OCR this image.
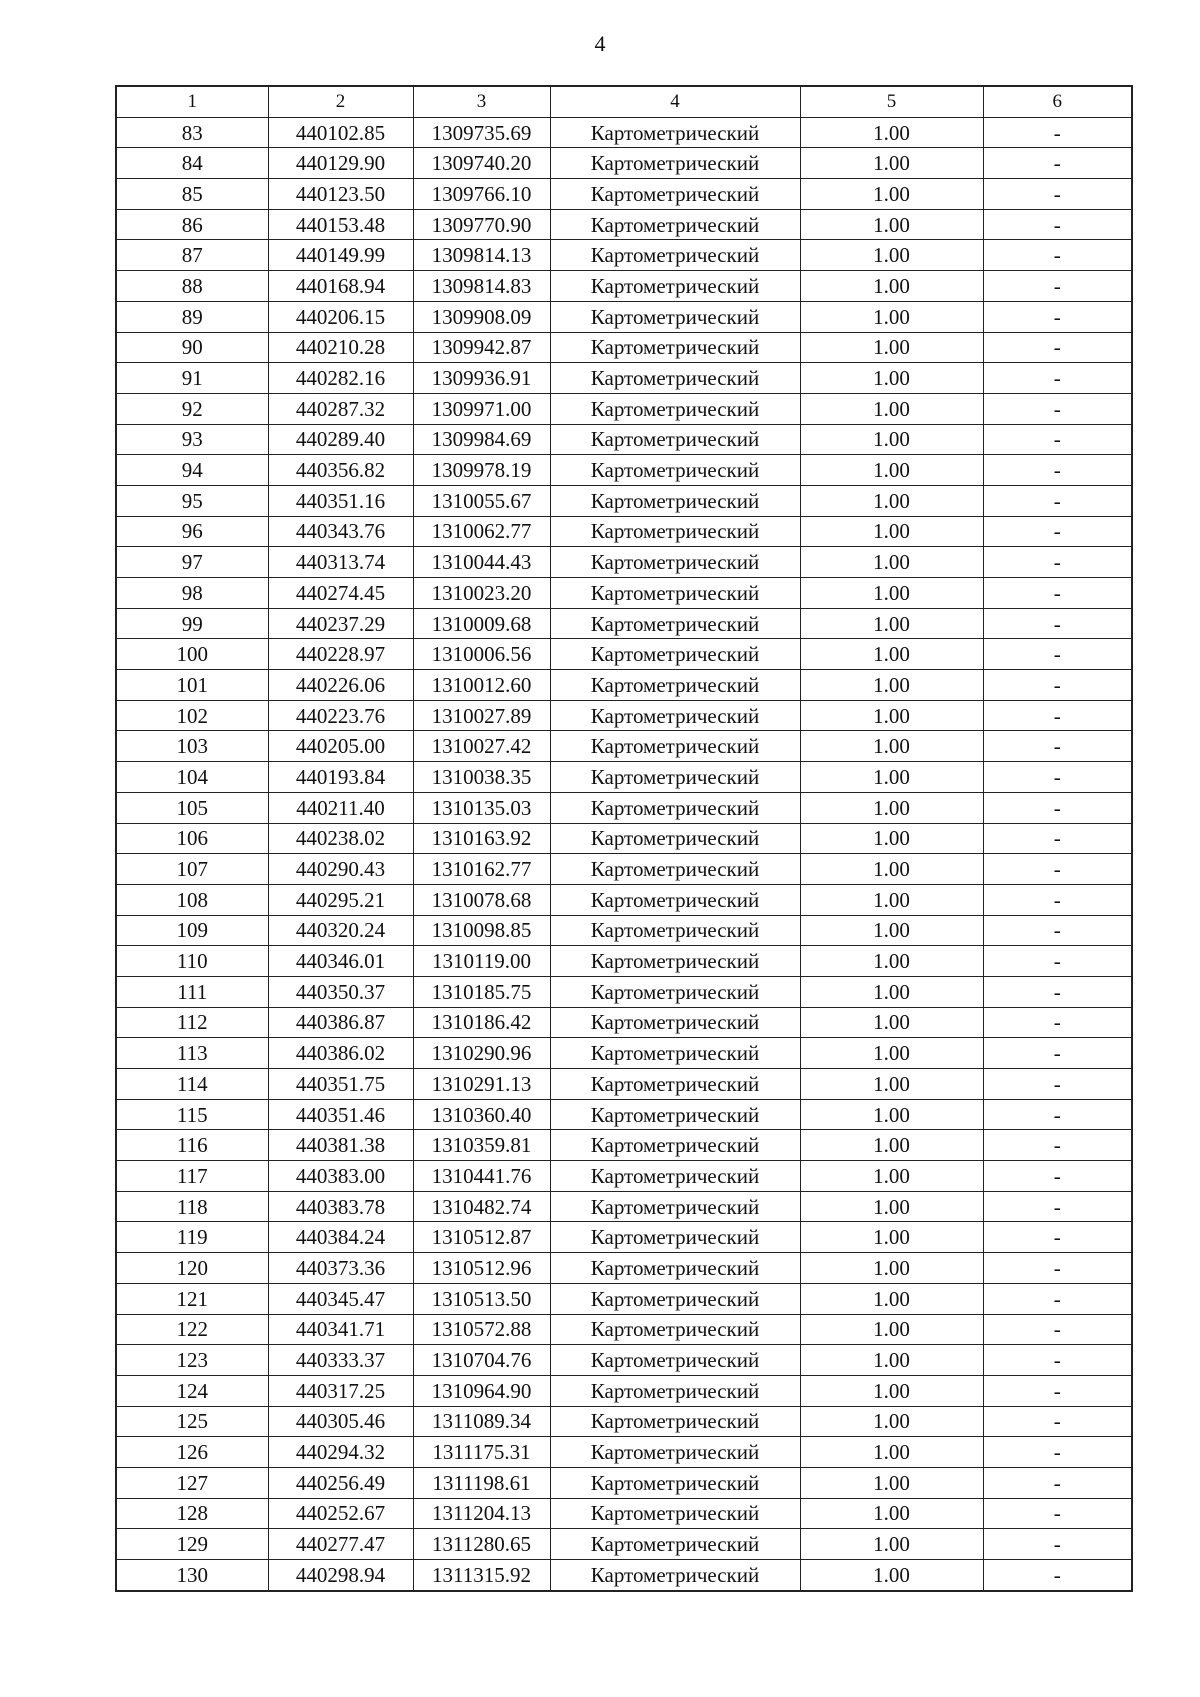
4
1	2	3	4	5	6
83	440102.85	1309735.69	Картометрический	1.00	-
84	440129.90	1309740.20	Картометрический	1.00	-
85	440123.50	1309766.10	Картометрический	1.00	-
86	440153.48	1309770.90	Картометрический	1.00	-
87	440149.99	1309814.13	Картометрический	1.00	-
88	440168.94	1309814.83	Картометрический	1.00	-
89	440206.15	1309908.09	Картометрический	1.00	-
90	440210.28	1309942.87	Картометрический	1.00	-
91	440282.16	1309936.91	Картометрический	1.00	-
92	440287.32	1309971.00	Картометрический	1.00	-
93	440289.40	1309984.69	Картометрический	1.00	-
94	440356.82	1309978.19	Картометрический	1.00	-
95	440351.16	1310055.67	Картометрический	1.00	-
96	440343.76	1310062.77	Картометрический	1.00	-
97	440313.74	1310044.43	Картометрический	1.00	-
98	440274.45	1310023.20	Картометрический	1.00	-
99	440237.29	1310009.68	Картометрический	1.00	-
100	440228.97	1310006.56	Картометрический	1.00	-
101	440226.06	1310012.60	Картометрический	1.00	-
102	440223.76	1310027.89	Картометрический	1.00	-
103	440205.00	1310027.42	Картометрический	1.00	-
104	440193.84	1310038.35	Картометрический	1.00	-
105	440211.40	1310135.03	Картометрический	1.00	-
106	440238.02	1310163.92	Картометрический	1.00	-
107	440290.43	1310162.77	Картометрический	1.00	-
108	440295.21	1310078.68	Картометрический	1.00	-
109	440320.24	1310098.85	Картометрический	1.00	-
110	440346.01	1310119.00	Картометрический	1.00	-
111	440350.37	1310185.75	Картометрический	1.00	-
112	440386.87	1310186.42	Картометрический	1.00	-
113	440386.02	1310290.96	Картометрический	1.00	-
114	440351.75	1310291.13	Картометрический	1.00	-
115	440351.46	1310360.40	Картометрический	1.00	-
116	440381.38	1310359.81	Картометрический	1.00	-
117	440383.00	1310441.76	Картометрический	1.00	-
118	440383.78	1310482.74	Картометрический	1.00	-
119	440384.24	1310512.87	Картометрический	1.00	-
120	440373.36	1310512.96	Картометрический	1.00	-
121	440345.47	1310513.50	Картометрический	1.00	-
122	440341.71	1310572.88	Картометрический	1.00	-
123	440333.37	1310704.76	Картометрический	1.00	-
124	440317.25	1310964.90	Картометрический	1.00	-
125	440305.46	1311089.34	Картометрический	1.00	-
126	440294.32	1311175.31	Картометрический	1.00	-
127	440256.49	1311198.61	Картометрический	1.00	-
128	440252.67	1311204.13	Картометрический	1.00	-
129	440277.47	1311280.65	Картометрический	1.00	-
130	440298.94	1311315.92	Картометрический	1.00	-
